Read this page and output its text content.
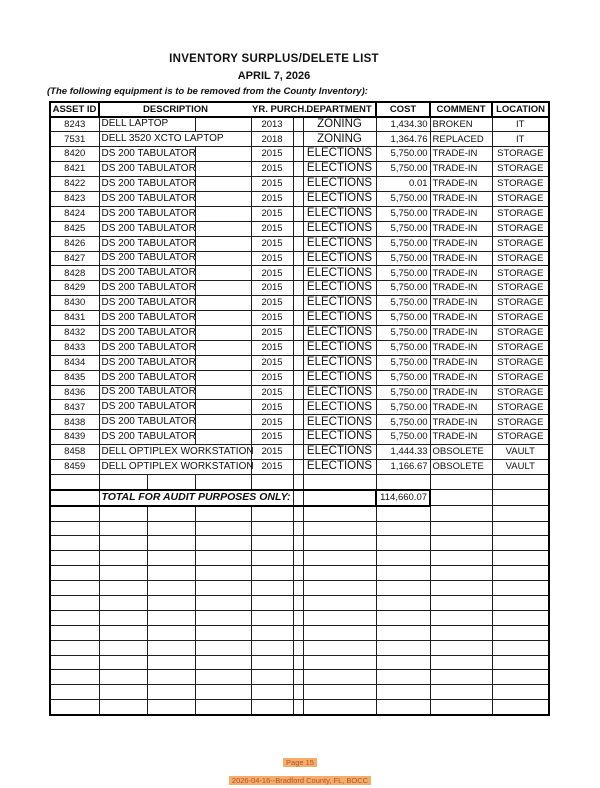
INVENTORY SURPLUS/DELETE LIST
APRIL 7, 2026
(The following equipment is to be removed from the County Inventory):
ASSET ID	DESCRIPTION			YR. PURCH.		DEPARTMENT	COST	COMMENT	LOCATION
8243	DELL LAPTOP			2013		ZONING	1,434.30	BROKEN	IT
7531	DELL 3520 XCTO LAPTOP			2018		ZONING	1,364.76	REPLACED	IT
8420	DS 200 TABULATOR			2015		ELECTIONS	5,750.00	TRADE-IN	STORAGE
8421	DS 200 TABULATOR			2015		ELECTIONS	5,750.00	TRADE-IN	STORAGE
8422	DS 200 TABULATOR			2015		ELECTIONS	0.01	TRADE-IN	STORAGE
8423	DS 200 TABULATOR			2015		ELECTIONS	5,750.00	TRADE-IN	STORAGE
8424	DS 200 TABULATOR			2015		ELECTIONS	5,750.00	TRADE-IN	STORAGE
8425	DS 200 TABULATOR			2015		ELECTIONS	5,750.00	TRADE-IN	STORAGE
8426	DS 200 TABULATOR			2015		ELECTIONS	5,750.00	TRADE-IN	STORAGE
8427	DS 200 TABULATOR			2015		ELECTIONS	5,750.00	TRADE-IN	STORAGE
8428	DS 200 TABULATOR			2015		ELECTIONS	5,750.00	TRADE-IN	STORAGE
8429	DS 200 TABULATOR			2015		ELECTIONS	5,750.00	TRADE-IN	STORAGE
8430	DS 200 TABULATOR			2015		ELECTIONS	5,750.00	TRADE-IN	STORAGE
8431	DS 200 TABULATOR			2015		ELECTIONS	5,750.00	TRADE-IN	STORAGE
8432	DS 200 TABULATOR			2015		ELECTIONS	5,750.00	TRADE-IN	STORAGE
8433	DS 200 TABULATOR			2015		ELECTIONS	5,750.00	TRADE-IN	STORAGE
8434	DS 200 TABULATOR			2015		ELECTIONS	5,750.00	TRADE-IN	STORAGE
8435	DS 200 TABULATOR			2015		ELECTIONS	5,750.00	TRADE-IN	STORAGE
8436	DS 200 TABULATOR			2015		ELECTIONS	5,750.00	TRADE-IN	STORAGE
8437	DS 200 TABULATOR			2015		ELECTIONS	5,750.00	TRADE-IN	STORAGE
8438	DS 200 TABULATOR			2015		ELECTIONS	5,750.00	TRADE-IN	STORAGE
8439	DS 200 TABULATOR			2015		ELECTIONS	5,750.00	TRADE-IN	STORAGE
8458	DELL OPTIPLEX WORKSTATION			2015		ELECTIONS	1,444.33	OBSOLETE	VAULT
8459	DELL OPTIPLEX WORKSTATION			2015		ELECTIONS	1,166.67	OBSOLETE	VAULT

	TOTAL FOR AUDIT PURPOSES ONLY:						114,660.07		

Page 15
2026-04-16--Bradford County, FL, BOCC
